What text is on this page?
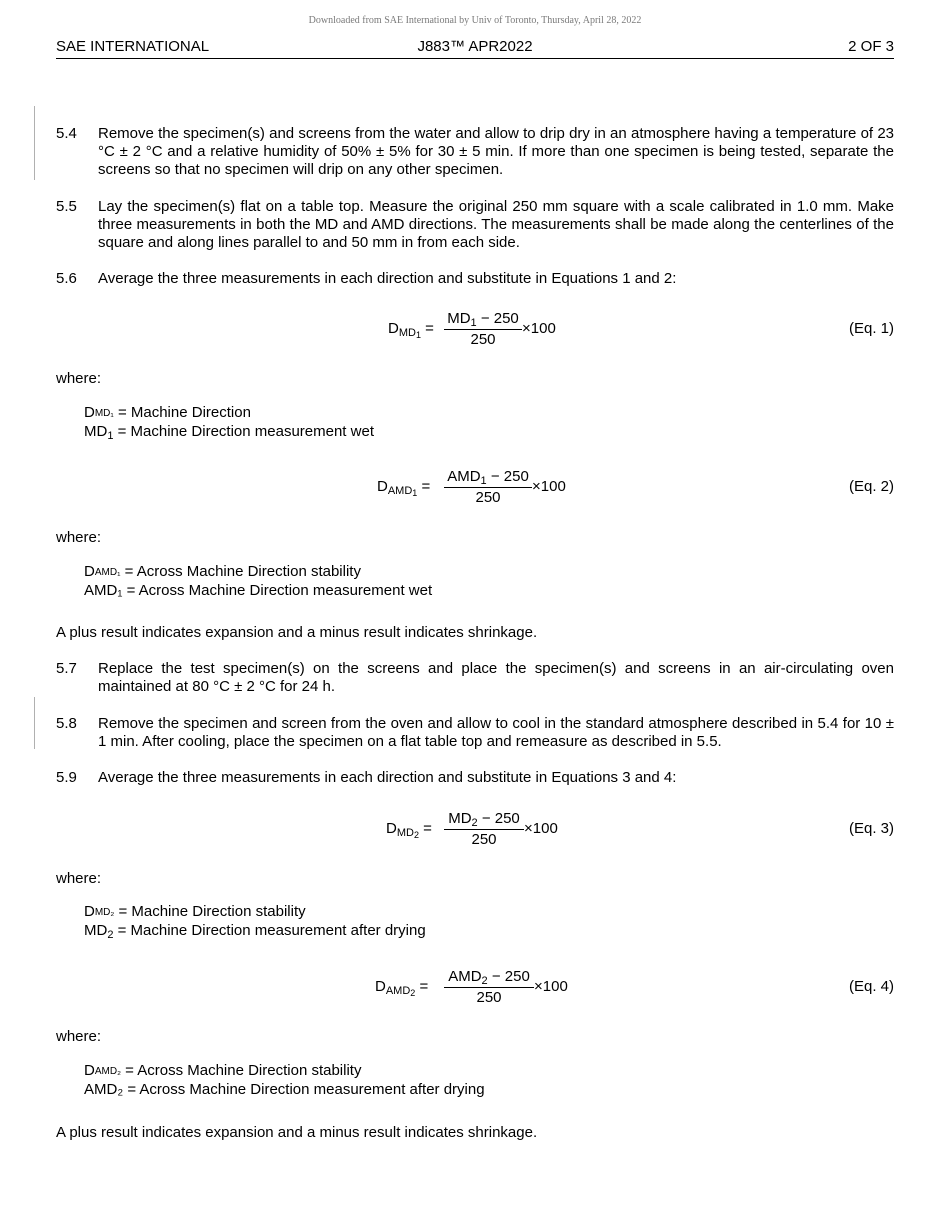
Downloaded from SAE International by Univ of Toronto, Thursday, April 28, 2022
SAE INTERNATIONAL	J883™ APR2022	2 OF 3
5.4 Remove the specimen(s) and screens from the water and allow to drip dry in an atmosphere having a temperature of 23 °C ± 2 °C and a relative humidity of 50% ± 5% for 30 ± 5 min. If more than one specimen is being tested, separate the screens so that no specimen will drip on any other specimen.
5.5 Lay the specimen(s) flat on a table top. Measure the original 250 mm square with a scale calibrated in 1.0 mm. Make three measurements in both the MD and AMD directions. The measurements shall be made along the centerlines of the square and along lines parallel to and 50 mm in from each side.
5.6 Average the three measurements in each direction and substitute in Equations 1 and 2:
$D_{MD1} = \frac{MD_1 - 250}{250} \times 100$	(Eq. 1)
where:
DMD₁ = Machine Direction
$MD_1$ = Machine Direction measurement wet
$D_{AMD1}$ =
$AMD_1 - 250$
250
×100	(Eq. 2)
where:
DAMD₁ = Across Machine Direction stability
AMD₁ = Across Machine Direction measurement wet
A plus result indicates expansion and a minus result indicates shrinkage.
5.7 Replace the test specimen(s) on the screens and place the specimen(s) and screens in an air-circulating oven maintained at 80 °C ± 2 °C for 24 h.
5.8 Remove the specimen and screen from the oven and allow to cool in the standard atmosphere described in 5.4 for 10 ± 1 min. After cooling, place the specimen on a flat table top and remeasure as described in 5.5.
5.9 Average the three measurements in each direction and substitute in Equations 3 and 4:
$D_{MD2} = \frac{MD_2 - 250}{250} \times 100$	(Eq. 3)
where:
DMD₂ = Machine Direction stability
$MD_2$ = Machine Direction measurement after drying
$D_{AMD2}$ =
$AMD_2 - 250$
250
×100	(Eq. 4)
where:
DAMD₂ = Across Machine Direction stability
AMD₂ = Across Machine Direction measurement after drying
A plus result indicates expansion and a minus result indicates shrinkage.
